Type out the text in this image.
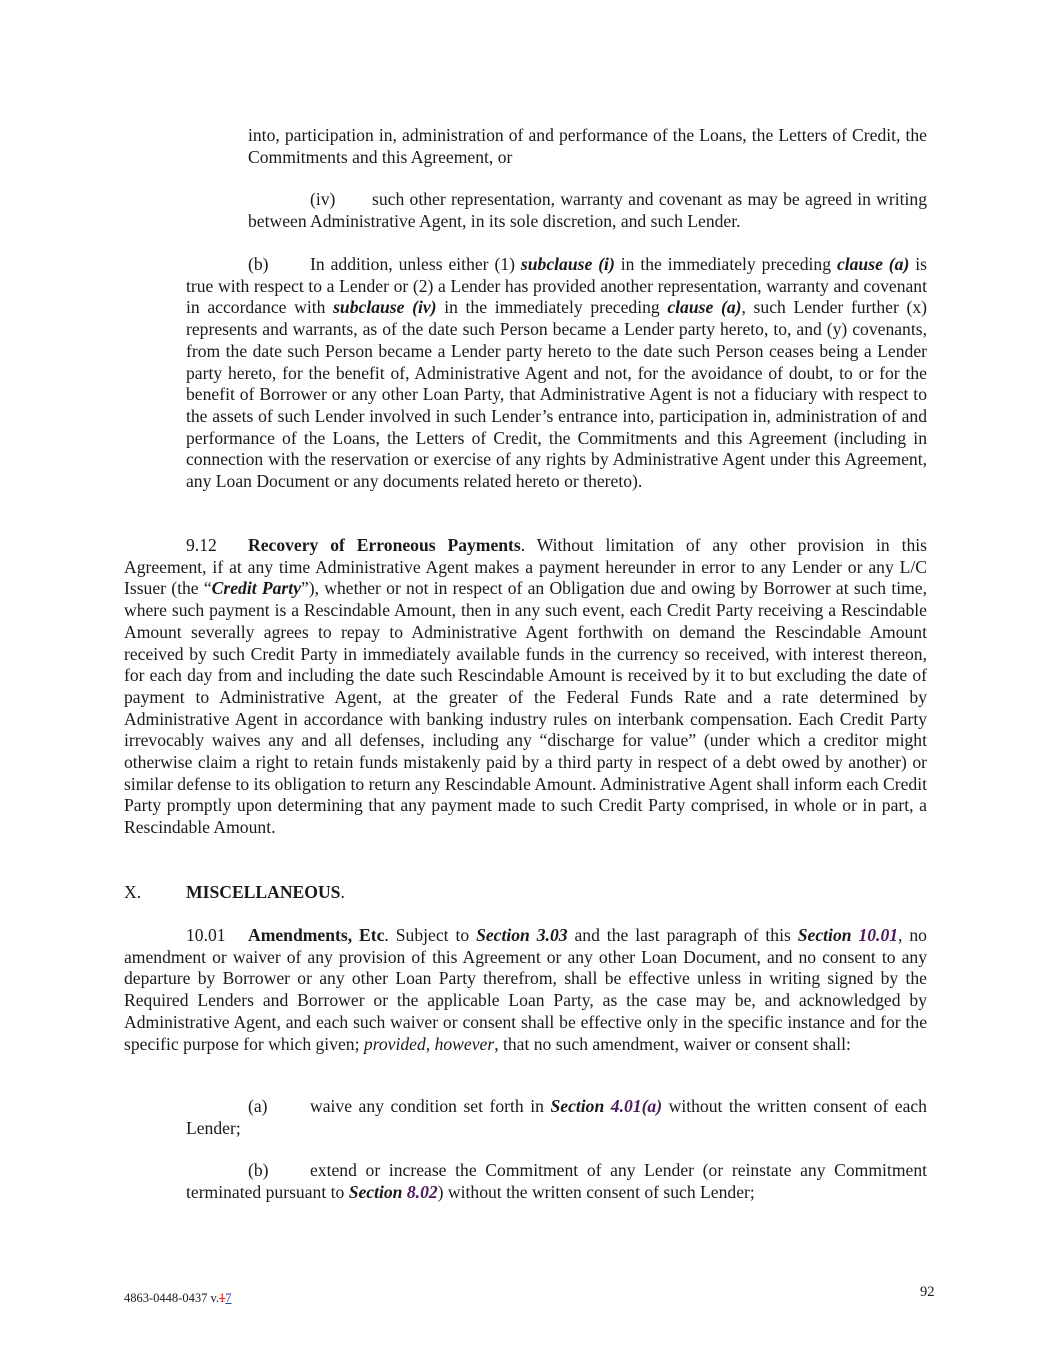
into, participation in, administration of and performance of the Loans, the Letters of Credit, the Commitments and this Agreement, or

(iv) such other representation, warranty and covenant as may be agreed in writing between Administrative Agent, in its sole discretion, and such Lender.

(b) In addition, unless either (1) subclause (i) in the immediately preceding clause (a) is true with respect to a Lender or (2) a Lender has provided another representation, warranty and covenant in accordance with subclause (iv) in the immediately preceding clause (a), such Lender further (x) represents and warrants, as of the date such Person became a Lender party hereto, to, and (y) covenants, from the date such Person became a Lender party hereto to the date such Person ceases being a Lender party hereto, for the benefit of, Administrative Agent and not, for the avoidance of doubt, to or for the benefit of Borrower or any other Loan Party, that Administrative Agent is not a fiduciary with respect to the assets of such Lender involved in such Lender’s entrance into, participation in, administration of and performance of the Loans, the Letters of Credit, the Commitments and this Agreement (including in connection with the reservation or exercise of any rights by Administrative Agent under this Agreement, any Loan Document or any documents related hereto or thereto).

9.12 Recovery of Erroneous Payments. Without limitation of any other provision in this Agreement, if at any time Administrative Agent makes a payment hereunder in error to any Lender or any L/C Issuer (the “Credit Party”), whether or not in respect of an Obligation due and owing by Borrower at such time, where such payment is a Rescindable Amount, then in any such event, each Credit Party receiving a Rescindable Amount severally agrees to repay to Administrative Agent forthwith on demand the Rescindable Amount received by such Credit Party in immediately available funds in the currency so received, with interest thereon, for each day from and including the date such Rescindable Amount is received by it to but excluding the date of payment to Administrative Agent, at the greater of the Federal Funds Rate and a rate determined by Administrative Agent in accordance with banking industry rules on interbank compensation. Each Credit Party irrevocably waives any and all defenses, including any “discharge for value” (under which a creditor might otherwise claim a right to retain funds mistakenly paid by a third party in respect of a debt owed by another) or similar defense to its obligation to return any Rescindable Amount. Administrative Agent shall inform each Credit Party promptly upon determining that any payment made to such Credit Party comprised, in whole or in part, a Rescindable Amount.

X.	MISCELLANEOUS.

10.01 Amendments, Etc. Subject to Section 3.03 and the last paragraph of this Section 10.01, no amendment or waiver of any provision of this Agreement or any other Loan Document, and no consent to any departure by Borrower or any other Loan Party therefrom, shall be effective unless in writing signed by the Required Lenders and Borrower or the applicable Loan Party, as the case may be, and acknowledged by Administrative Agent, and each such waiver or consent shall be effective only in the specific instance and for the specific purpose for which given; provided, however, that no such amendment, waiver or consent shall:

(a) waive any condition set forth in Section 4.01(a) without the written consent of each Lender;

(b) extend or increase the Commitment of any Lender (or reinstate any Commitment terminated pursuant to Section 8.02) without the written consent of such Lender;

4863-0448-0437 v.17	92
